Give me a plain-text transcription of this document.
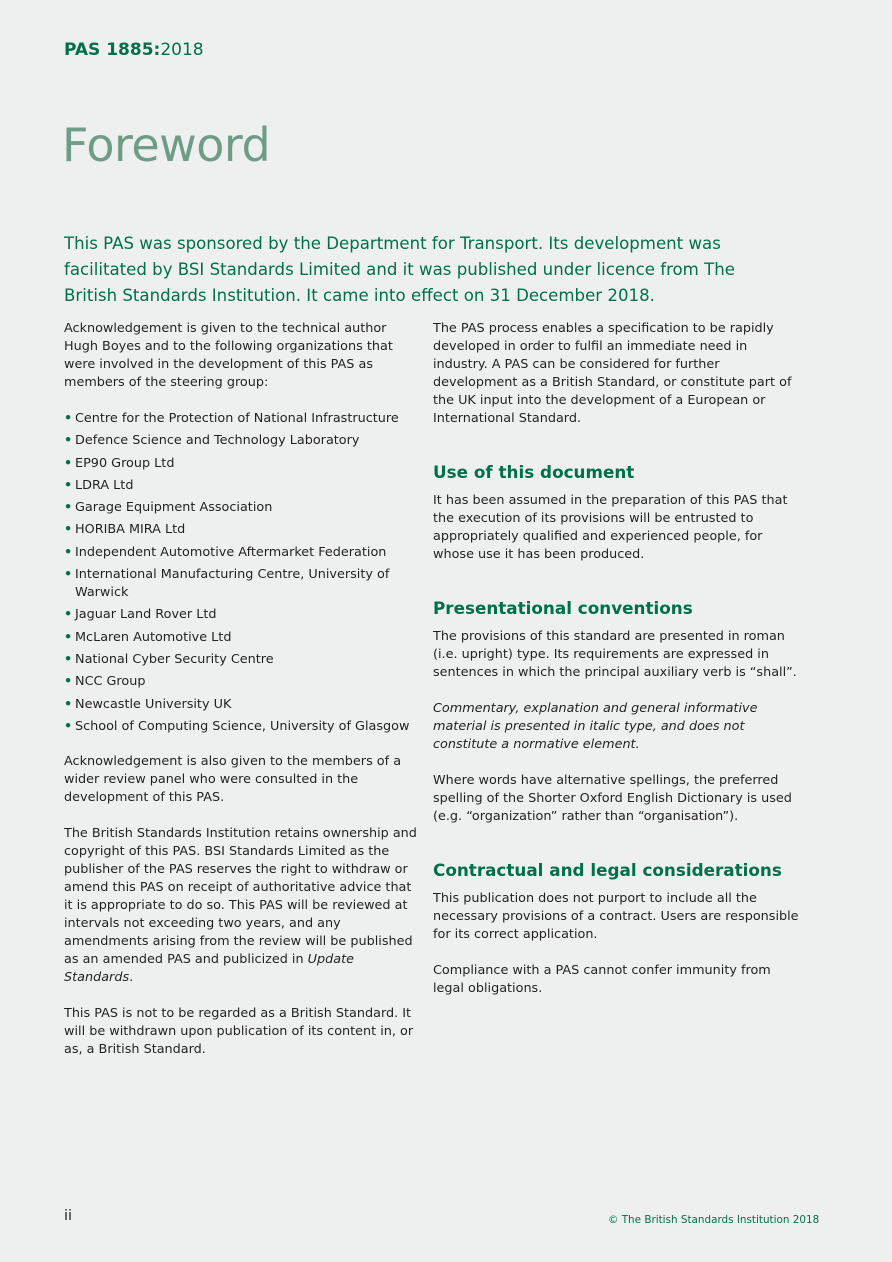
PAS 1885:2018
Foreword

This PAS was sponsored by the Department for Transport. Its development was facilitated by BSI Standards Limited and it was published under licence from The British Standards Institution. It came into effect on 31 December 2018.

Acknowledgement is given to the technical author Hugh Boyes and to the following organizations that were involved in the development of this PAS as members of the steering group:

• Centre for the Protection of National Infrastructure
• Defence Science and Technology Laboratory
• EP90 Group Ltd
• LDRA Ltd
• Garage Equipment Association
• HORIBA MIRA Ltd
• Independent Automotive Aftermarket Federation
• International Manufacturing Centre, University of Warwick
• Jaguar Land Rover Ltd
• McLaren Automotive Ltd
• National Cyber Security Centre
• NCC Group
• Newcastle University UK
• School of Computing Science, University of Glasgow

Acknowledgement is also given to the members of a wider review panel who were consulted in the development of this PAS.

The British Standards Institution retains ownership and copyright of this PAS. BSI Standards Limited as the publisher of the PAS reserves the right to withdraw or amend this PAS on receipt of authoritative advice that it is appropriate to do so. This PAS will be reviewed at intervals not exceeding two years, and any amendments arising from the review will be published as an amended PAS and publicized in Update Standards.

This PAS is not to be regarded as a British Standard. It will be withdrawn upon publication of its content in, or as, a British Standard.

The PAS process enables a specification to be rapidly developed in order to fulfil an immediate need in industry. A PAS can be considered for further development as a British Standard, or constitute part of the UK input into the development of a European or International Standard.

Use of this document

It has been assumed in the preparation of this PAS that the execution of its provisions will be entrusted to appropriately qualified and experienced people, for whose use it has been produced.

Presentational conventions

The provisions of this standard are presented in roman (i.e. upright) type. Its requirements are expressed in sentences in which the principal auxiliary verb is “shall”.

Commentary, explanation and general informative material is presented in italic type, and does not constitute a normative element.

Where words have alternative spellings, the preferred spelling of the Shorter Oxford English Dictionary is used (e.g. “organization” rather than “organisation”).

Contractual and legal considerations

This publication does not purport to include all the necessary provisions of a contract. Users are responsible for its correct application.

Compliance with a PAS cannot confer immunity from legal obligations.

ii	© The British Standards Institution 2018
